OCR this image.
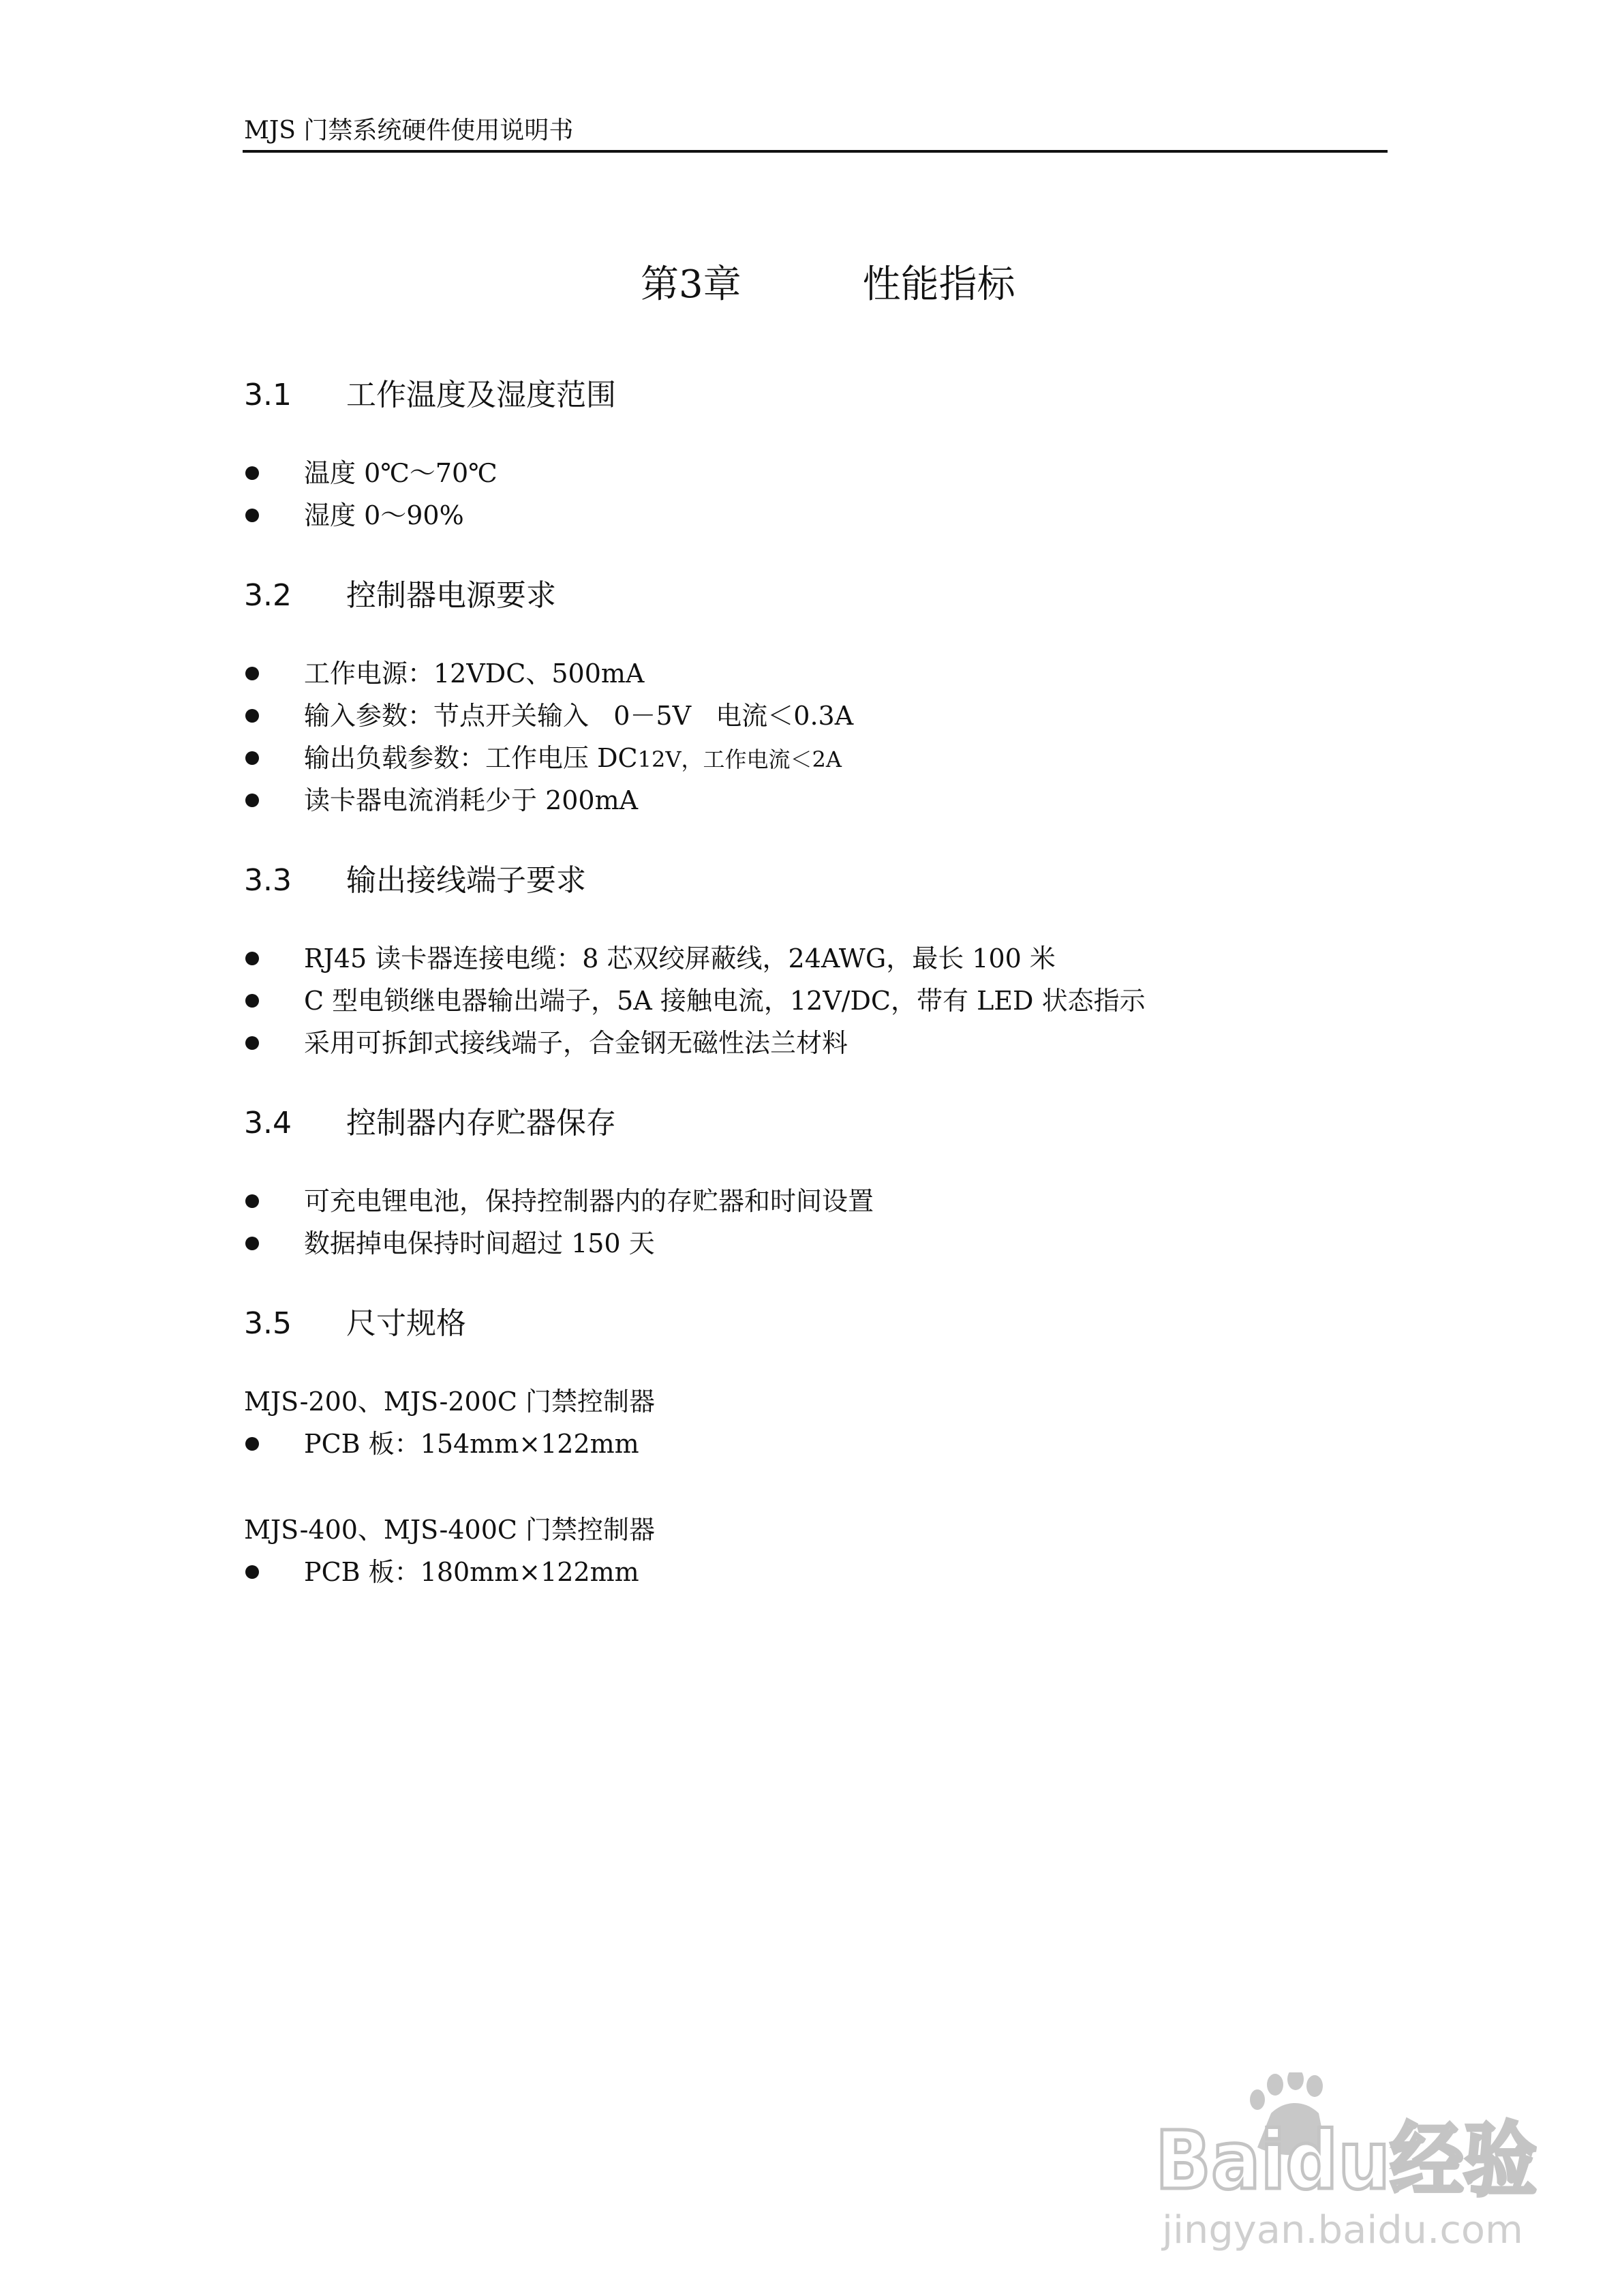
MJS 门禁系统硬件使用说明书
第3章          性能指标
3.1 工作温度及湿度范围
温度 0℃～70℃
湿度 0～90%
3.2 控制器电源要求
工作电源：12VDC、500mA
输入参数：节点开关输入   0－5V   电流＜0.3A
输出负载参数：工作电压 DC12V，工作电流＜2A
读卡器电流消耗少于 200mA
3.3 输出接线端子要求
RJ45 读卡器连接电缆：8 芯双绞屏蔽线，24AWG，最长 100 米
C 型电锁继电器输出端子，5A 接触电流，12V/DC，带有 LED 状态指示
采用可拆卸式接线端子，合金钢无磁性法兰材料
3.4 控制器内存贮器保存
可充电锂电池，保持控制器内的存贮器和时间设置
数据掉电保持时间超过 150 天
3.5 尺寸规格
MJS-200、MJS-200C 门禁控制器
PCB 板：154mm×122mm
MJS-400、MJS-400C 门禁控制器
PCB 板：180mm×122mm
Baidu经验
jingyan.baidu.com
